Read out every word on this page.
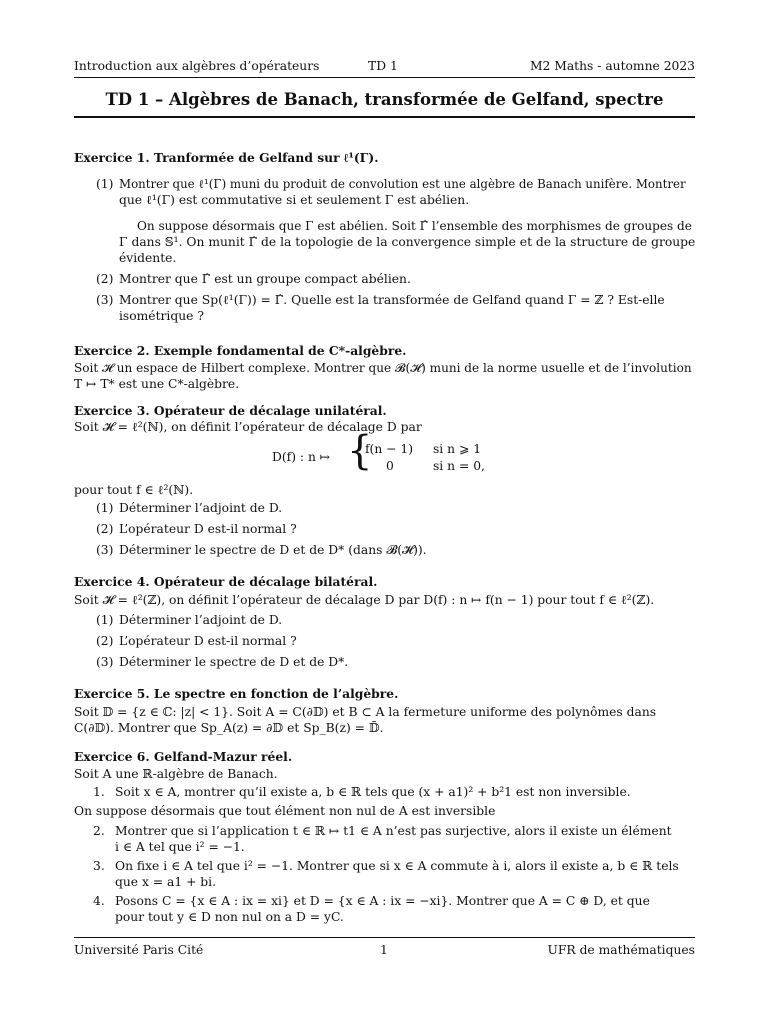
Introduction aux algèbres d’opérateurs	TD 1	M2 Maths - automne 2023
TD 1 – Algèbres de Banach, transformée de Gelfand, spectre
Exercice 1. Tranformée de Gelfand sur ℓ¹(Γ).
(1) Montrer que ℓ¹(Γ) muni du produit de convolution est une algèbre de Banach unifère. Montrer
que ℓ¹(Γ) est commutative si et seulement Γ est abélien.
On suppose désormais que Γ est abélien. Soit Γ̂ l’ensemble des morphismes de groupes de
Γ dans 𝕊¹. On munit Γ̂ de la topologie de la convergence simple et de la structure de groupe
évidente.
(2) Montrer que Γ̂ est un groupe compact abélien.
(3) Montrer que Sp(ℓ¹(Γ)) = Γ̂. Quelle est la transformée de Gelfand quand Γ = ℤ ? Est-elle
isométrique ?
Exercice 2. Exemple fondamental de C*-algèbre.
Soit 𝓗 un espace de Hilbert complexe. Montrer que 𝓑(𝓗) muni de la norme usuelle et de l’involution
T ↦ T* est une C*-algèbre.
Exercice 3. Opérateur de décalage unilatéral.
Soit 𝓗 = ℓ²(ℕ), on définit l’opérateur de décalage D par
D(f) : n ↦ {
f(n − 1) si n ⩾ 1
0	si n = 0,
pour tout f ∈ ℓ²(ℕ).
(1) Déterminer l’adjoint de D.
(2) L’opérateur D est-il normal ?
(3) Déterminer le spectre de D et de D* (dans 𝓑(𝓗)).
Exercice 4. Opérateur de décalage bilatéral.
Soit 𝓗 = ℓ²(ℤ), on définit l’opérateur de décalage D par D(f) : n ↦ f(n − 1) pour tout f ∈ ℓ²(ℤ).
(1) Déterminer l’adjoint de D.
(2) L’opérateur D est-il normal ?
(3) Déterminer le spectre de D et de D*.
Exercice 5. Le spectre en fonction de l’algèbre.
Soit 𝔻 = {z ∈ ℂ: |z| < 1}. Soit A = C(∂𝔻) et B ⊂ A la fermeture uniforme des polynômes dans
C(∂𝔻). Montrer que Sp_A(z) = ∂𝔻 et Sp_B(z) = 𝔻̄.
Exercice 6. Gelfand-Mazur réel.
Soit A une ℝ-algèbre de Banach.
1. Soit x ∈ A, montrer qu’il existe a, b ∈ ℝ tels que (x + a1)² + b²1 est non inversible.
On suppose désormais que tout élément non nul de A est inversible
2. Montrer que si l’application t ∈ ℝ ↦ t1 ∈ A n’est pas surjective, alors il existe un élément
i ∈ A tel que i² = −1.
3. On fixe i ∈ A tel que i² = −1. Montrer que si x ∈ A commute à i, alors il existe a, b ∈ ℝ tels
que x = a1 + bi.
4. Posons C = {x ∈ A : ix = xi} et D = {x ∈ A : ix = −xi}. Montrer que A = C ⊕ D, et que
pour tout y ∈ D non nul on a D = yC.
Université Paris Cité	1	UFR de mathématiques
